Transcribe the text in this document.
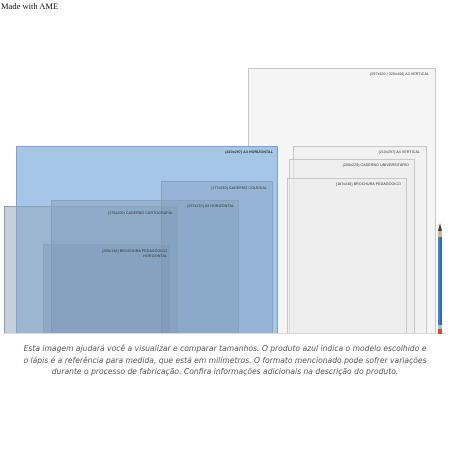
Made with AME
(297x420 / 320x440) A3 VERTICAL
(210x297) A4 VERTICAL
(200x275) CADERNO UNIVERSITÁRIO
(187x245) BROCHURA PEDAGÓGICO
(420x297) A3 HORIZONTAL
(177x240) CADERNO COLEGIAL
(297x210) A4 HORIZONTAL
(275x200) CADERNO CARTOGRAFIA
(200x140) BROCHURA PEDAGÓGICO
HORIZONTAL
Esta imagem ajudará você a visualizar e comparar tamanhos. O produto azul indica o modelo escolhido e o lápis é a referência para medida, que está em milímetros. O formato mencionado pode sofrer variações durante o processo de fabricação. Confira informações adicionais na descrição do produto.
